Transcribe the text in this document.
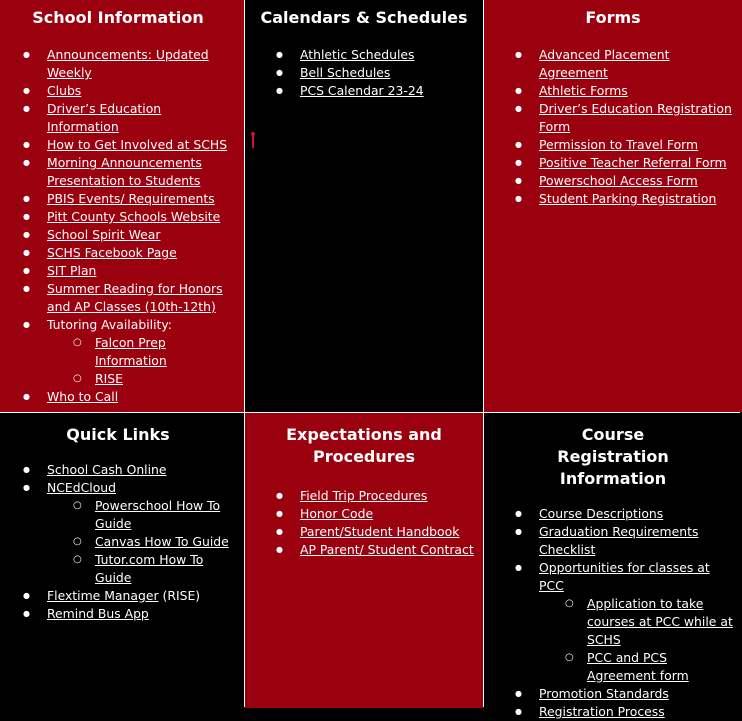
School Information
● Announcements: Updated Weekly
● Clubs
● Driver’s Education Information
● How to Get Involved at SCHS
● Morning Announcements Presentation to Students
● PBIS Events/ Requirements
● Pitt County Schools Website
● School Spirit Wear
● SCHS Facebook Page
● SIT Plan
● Summer Reading for Honors and AP Classes (10th-12th)
● Tutoring Availability:
○ Falcon Prep Information
○ RISE
● Who to Call
Calendars & Schedules
● Athletic Schedules
● Bell Schedules
● PCS Calendar 23-24
Forms
● Advanced Placement Agreement
● Athletic Forms
● Driver’s Education Registration Form
● Permission to Travel Form
● Positive Teacher Referral Form
● Powerschool Access Form
● Student Parking Registration
Quick Links
● School Cash Online
● NCEdCloud
○ Powerschool How To Guide
○ Canvas How To Guide
○ Tutor.com How To Guide
● Flextime Manager (RISE)
● Remind Bus App
Expectations and Procedures
● Field Trip Procedures
● Honor Code
● Parent/Student Handbook
● AP Parent/ Student Contract
Course Registration Information
● Course Descriptions
● Graduation Requirements Checklist
● Opportunities for classes at PCC
○ Application to take courses at PCC while at SCHS
○ PCC and PCS Agreement form
● Promotion Standards
● Registration Process
